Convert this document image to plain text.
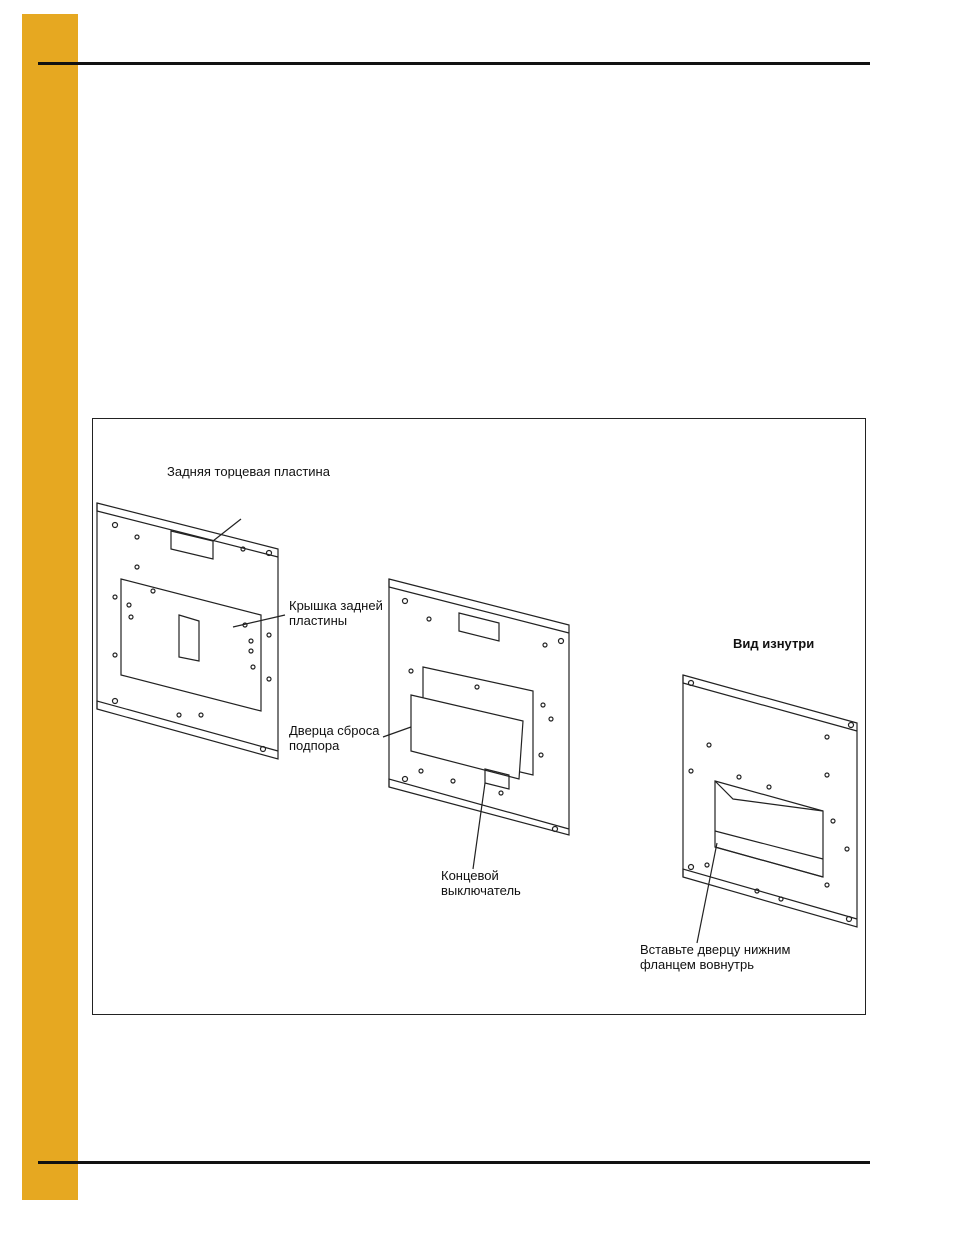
Задняя торцевая пластина
Крышка задней
пластины
Дверца сброса
подпора
Концевой
выключатель
Вид изнутри
Вставьте дверцу нижним
фланцем вовнутрь
